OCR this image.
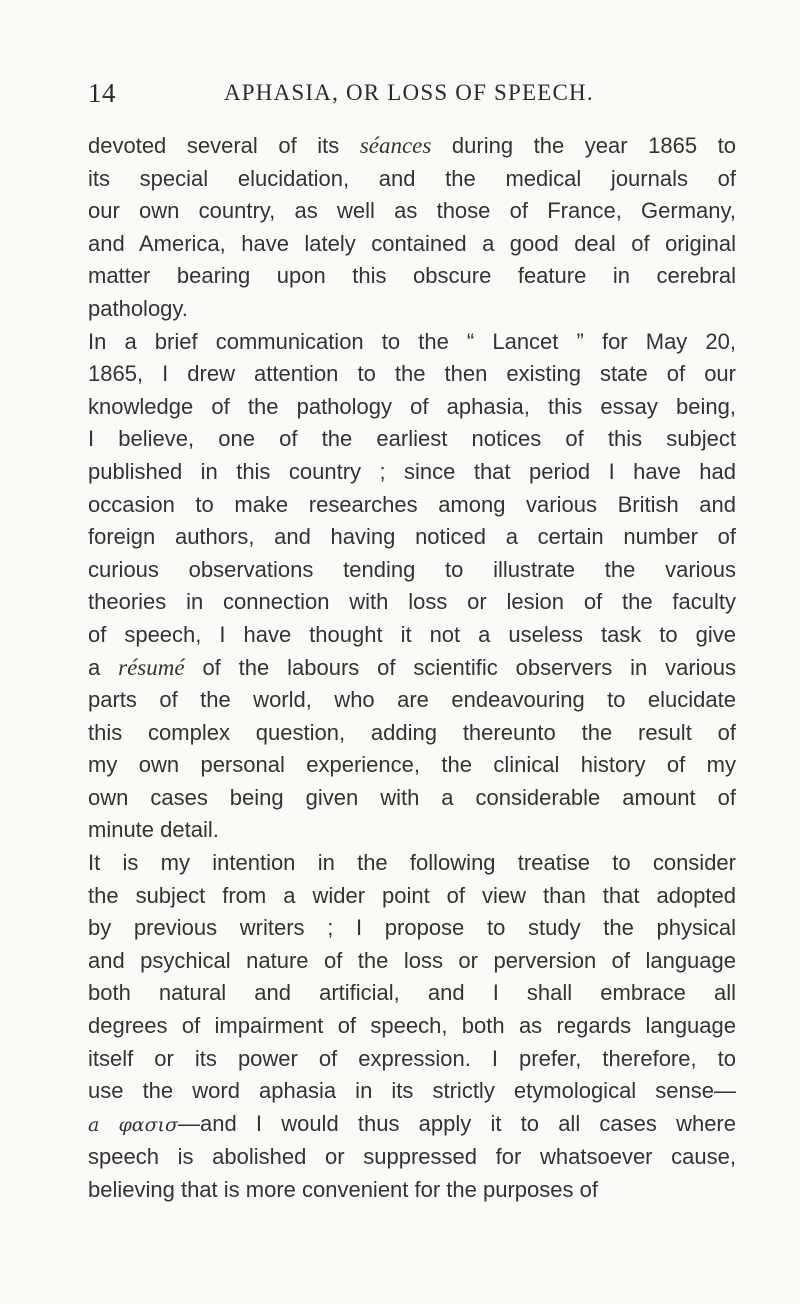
14	APHASIA, OR LOSS OF SPEECH.
devoted several of its séances during the year 1865 to
its special elucidation, and the medical journals of
our own country, as well as those of France, Germany,
and America, have lately contained a good deal of original
matter bearing upon this obscure feature in cerebral
pathology.
In a brief communication to the “ Lancet ” for May 20,
1865, I drew attention to the then existing state of our
knowledge of the pathology of aphasia, this essay being,
I believe, one of the earliest notices of this subject
published in this country ; since that period I have had
occasion to make researches among various British and
foreign authors, and having noticed a certain number of
curious observations tending to illustrate the various
theories in connection with loss or lesion of the faculty
of speech, I have thought it not a useless task to give
a résumé of the labours of scientific observers in various
parts of the world, who are endeavouring to elucidate
this complex question, adding thereunto the result of
my own personal experience, the clinical history of my
own cases being given with a considerable amount of
minute detail.
It is my intention in the following treatise to consider
the subject from a wider point of view than that adopted
by previous writers ; I propose to study the physical
and psychical nature of the loss or perversion of language
both natural and artificial, and I shall embrace all
degrees of impairment of speech, both as regards language
itself or its power of expression. I prefer, therefore, to
use the word aphasia in its strictly etymological sense—
a φασισ—and I would thus apply it to all cases where
speech is abolished or suppressed for whatsoever cause,
believing that is more convenient for the purposes of
